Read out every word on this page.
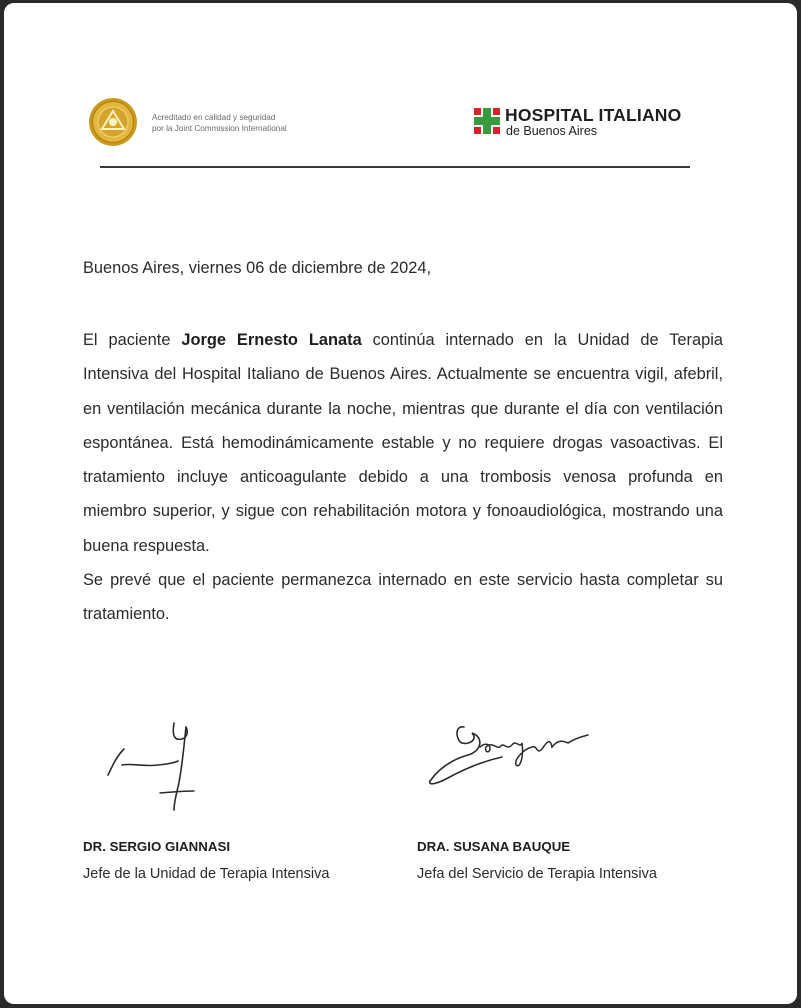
Acreditado en calidad y seguridad
por la Joint Commission International
HOSPITAL ITALIANO
de Buenos Aires
Buenos Aires, viernes 06 de diciembre de 2024,

El paciente Jorge Ernesto Lanata continúa internado en la Unidad de Terapia Intensiva del Hospital Italiano de Buenos Aires. Actualmente se encuentra vigil, afebril, en ventilación mecánica durante la noche, mientras que durante el día con ventilación espontánea. Está hemodinámicamente estable y no requiere drogas vasoactivas. El tratamiento incluye anticoagulante debido a una trombosis venosa profunda en miembro superior, y sigue con rehabilitación motora y fonoaudiológica, mostrando una buena respuesta.

Se prevé que el paciente permanezca internado en este servicio hasta completar su tratamiento.

DR. SERGIO GIANNASI
Jefe de la Unidad de Terapia Intensiva
DRA. SUSANA BAUQUE
Jefa del Servicio de Terapia Intensiva
